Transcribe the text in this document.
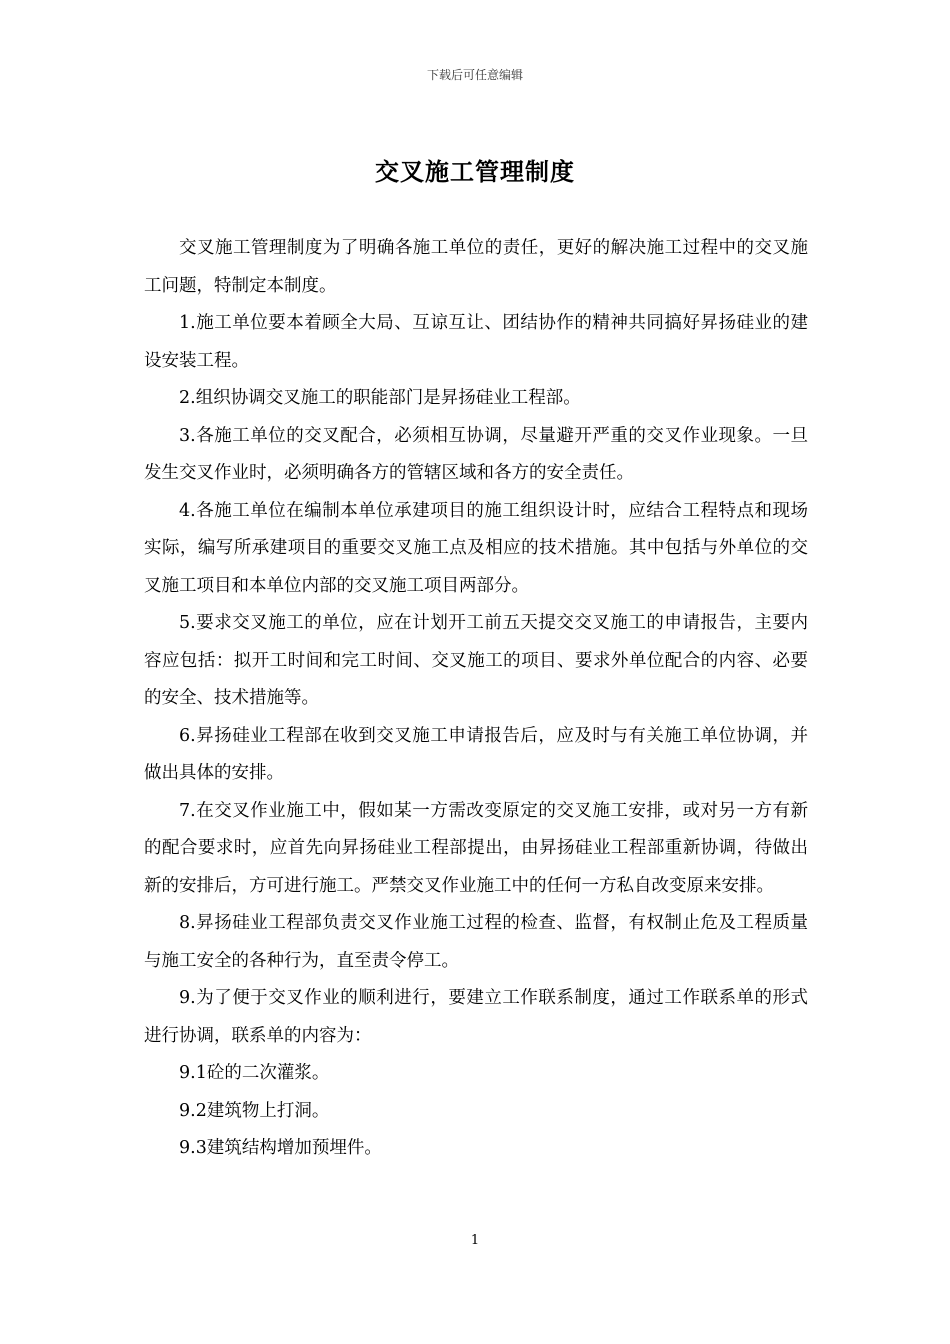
下载后可任意编辑
交叉施工管理制度

交叉施工管理制度为了明确各施工单位的责任，更好的解决施工过程中的交叉施工问题，特制定本制度。

1.施工单位要本着顾全大局、互谅互让、团结协作的精神共同搞好昇扬硅业的建设安装工程。

2.组织协调交叉施工的职能部门是昇扬硅业工程部。

3.各施工单位的交叉配合，必须相互协调，尽量避开严重的交叉作业现象。一旦发生交叉作业时，必须明确各方的管辖区域和各方的安全责任。

4.各施工单位在编制本单位承建项目的施工组织设计时，应结合工程特点和现场实际，编写所承建项目的重要交叉施工点及相应的技术措施。其中包括与外单位的交叉施工项目和本单位内部的交叉施工项目两部分。

5.要求交叉施工的单位，应在计划开工前五天提交交叉施工的申请报告，主要内容应包括：拟开工时间和完工时间、交叉施工的项目、要求外单位配合的内容、必要的安全、技术措施等。

6.昇扬硅业工程部在收到交叉施工申请报告后，应及时与有关施工单位协调，并做出具体的安排。

7.在交叉作业施工中，假如某一方需改变原定的交叉施工安排，或对另一方有新的配合要求时，应首先向昇扬硅业工程部提出，由昇扬硅业工程部重新协调，待做出新的安排后，方可进行施工。严禁交叉作业施工中的任何一方私自改变原来安排。

8.昇扬硅业工程部负责交叉作业施工过程的检查、监督，有权制止危及工程质量与施工安全的各种行为，直至责令停工。

9.为了便于交叉作业的顺利进行，要建立工作联系制度，通过工作联系单的形式进行协调，联系单的内容为：

9.1砼的二次灌浆。

9.2建筑物上打洞。

9.3建筑结构增加预埋件。

1
